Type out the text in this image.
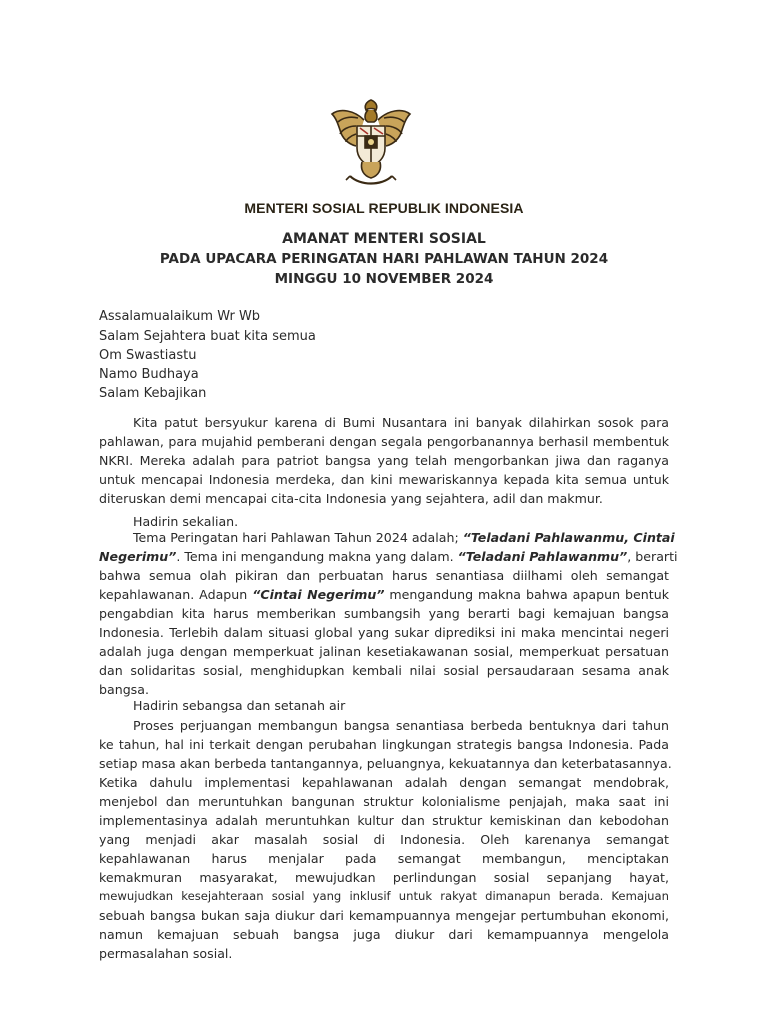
MENTERI SOSIAL REPUBLIK INDONESIA
AMANAT MENTERI SOSIAL
PADA UPACARA PERINGATAN HARI PAHLAWAN TAHUN 2024
MINGGU 10 NOVEMBER 2024
Assalamualaikum Wr Wb
Salam Sejahtera buat kita semua
Om Swastiastu
Namo Budhaya
Salam Kebajikan
Kita patut bersyukur karena di Bumi Nusantara ini banyak dilahirkan sosok para
pahlawan, para mujahid pemberani dengan segala pengorbanannya berhasil membentuk
NKRI. Mereka adalah para patriot bangsa yang telah mengorbankan jiwa dan raganya
untuk mencapai Indonesia merdeka, dan kini mewariskannya kepada kita semua untuk
diteruskan demi mencapai cita-cita Indonesia yang sejahtera, adil dan makmur.
Hadirin sekalian.
Tema Peringatan hari Pahlawan Tahun 2024 adalah; “Teladani Pahlawanmu, Cintai
Negerimu”. Tema ini mengandung makna yang dalam. “Teladani Pahlawanmu”, berarti
bahwa semua olah pikiran dan perbuatan harus senantiasa diilhami oleh semangat
kepahlawanan. Adapun “Cintai Negerimu” mengandung makna bahwa apapun bentuk
pengabdian kita harus memberikan sumbangsih yang berarti bagi kemajuan bangsa
Indonesia. Terlebih dalam situasi global yang sukar diprediksi ini maka mencintai negeri
adalah juga dengan memperkuat jalinan kesetiakawanan sosial, memperkuat persatuan
dan solidaritas sosial, menghidupkan kembali nilai sosial persaudaraan sesama anak
bangsa.
Hadirin sebangsa dan setanah air
Proses perjuangan membangun bangsa senantiasa berbeda bentuknya dari tahun
ke tahun, hal ini terkait dengan perubahan lingkungan strategis bangsa Indonesia. Pada
setiap masa akan berbeda tantangannya, peluangnya, kekuatannya dan keterbatasannya.
Ketika dahulu implementasi kepahlawanan adalah dengan semangat mendobrak,
menjebol dan meruntuhkan bangunan struktur kolonialisme penjajah, maka saat ini
implementasinya adalah meruntuhkan kultur dan struktur kemiskinan dan kebodohan
yang menjadi akar masalah sosial di Indonesia. Oleh karenanya semangat
kepahlawanan harus menjalar pada semangat membangun, menciptakan
kemakmuran masyarakat, mewujudkan perlindungan sosial sepanjang hayat,
mewujudkan kesejahteraan sosial yang inklusif untuk rakyat dimanapun berada. Kemajuan
sebuah bangsa bukan saja diukur dari kemampuannya mengejar pertumbuhan ekonomi,
namun kemajuan sebuah bangsa juga diukur dari kemampuannya mengelola
permasalahan sosial.
